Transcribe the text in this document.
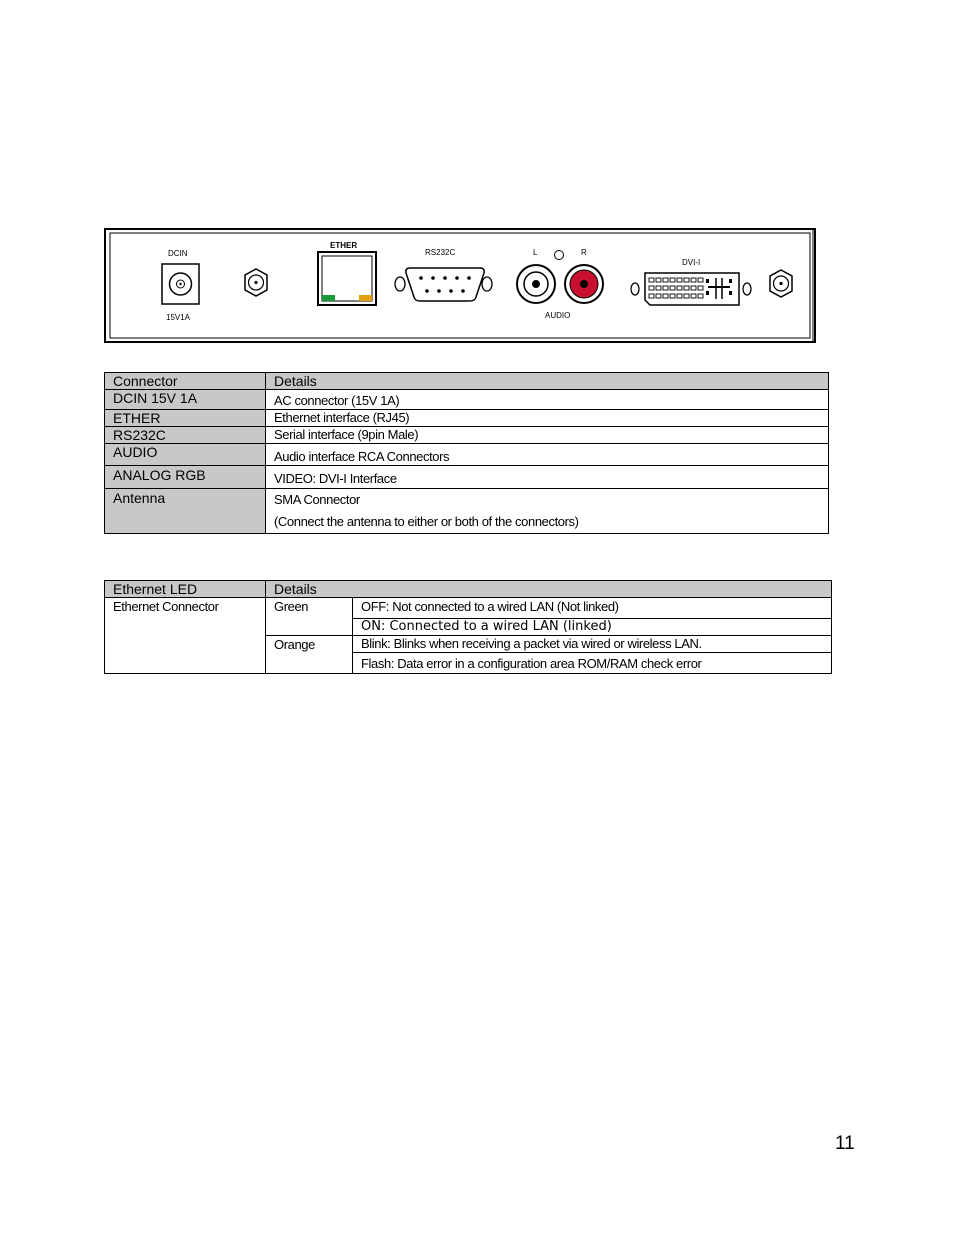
DCIN
15V1A
ETHER
RS232C	L	R
AUDIO
DVI-I
Connector	Details
DCIN 15V 1A	AC connector (15V 1A)

ETHER	Ethernet interface (RJ45)

RS232C	Serial interface (9pin Male)

AUDIO	Audio interface RCA Connectors

ANALOG RGB	VIDEO: DVI-I Interface

Antenna	SMA Connector
(Connect the antenna to either or both of the connectors)
Ethernet LED	Details	
Ethernet Connector	Green	OFF: Not connected to a wired LAN (Not linked)
		ON: Connected to a wired LAN (linked)
	Orange	Blink: Blinks when receiving a packet via wired or wireless LAN.
		Flash: Data error in a configuration area ROM/RAM check error
11
